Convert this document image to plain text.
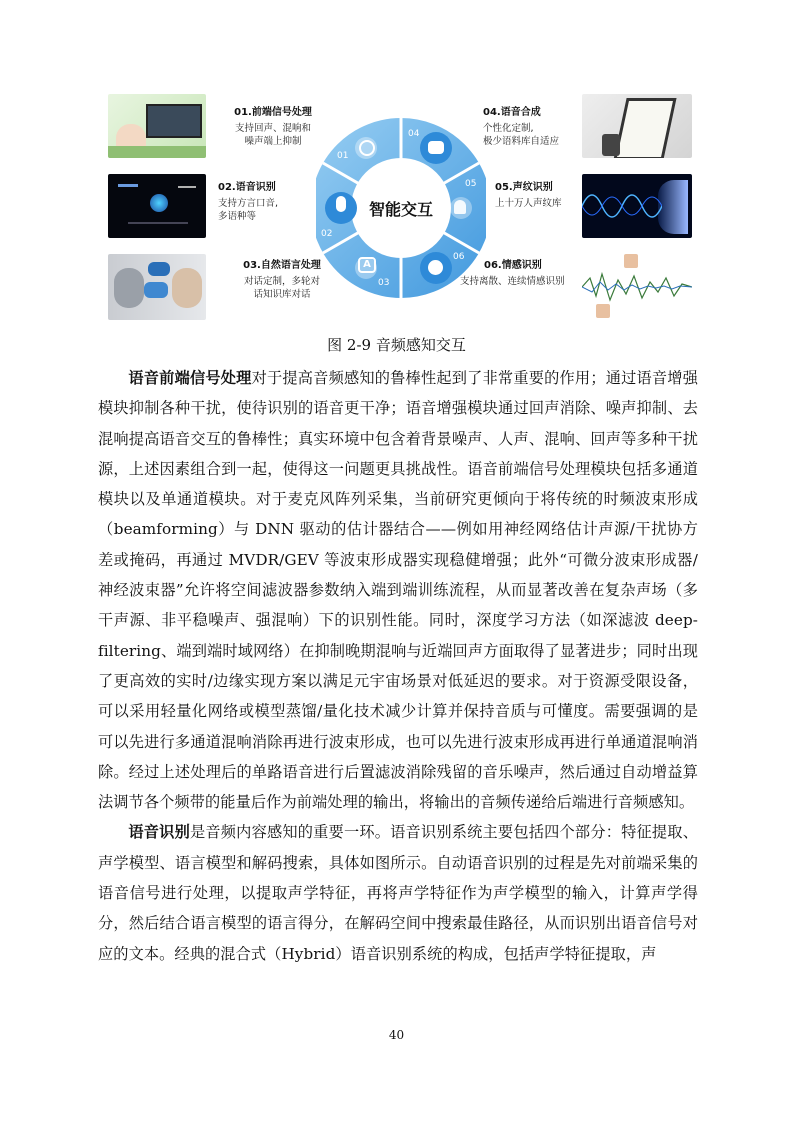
A
01
02
03
04
05
06
智能交互
01.前端信号处理
支持回声、混响和
噪声端上抑制
02.语音识别
支持方言口音,
多语种等
03.自然语言处理
对话定制，多轮对
话知识库对话
04.语音合成
个性化定制,
极少语料库自适应
05.声纹识别
上十万人声纹库
06.情感识别
支持离散、连续情感识别
图 2-9 音频感知交互

语音前端信号处理对于提高音频感知的鲁棒性起到了非常重要的作用；通过语音增强模块抑制各种干扰，使待识别的语音更干净；语音增强模块通过回声消除、噪声抑制、去混响提高语音交互的鲁棒性；真实环境中包含着背景噪声、人声、混响、回声等多种干扰源，上述因素组合到一起，使得这一问题更具挑战性。语音前端信号处理模块包括多通道模块以及单通道模块。对于麦克风阵列采集，当前研究更倾向于将传统的时频波束形成（beamforming）与 DNN 驱动的估计器结合——例如用神经网络估计声源/干扰协方差或掩码，再通过 MVDR/GEV 等波束形成器实现稳健增强；此外“可微分波束形成器/神经波束器”允许将空间滤波器参数纳入端到端训练流程，从而显著改善在复杂声场（多干声源、非平稳噪声、强混响）下的识别性能。同时，深度学习方法（如深滤波 deep-filtering、端到端时域网络）在抑制晚期混响与近端回声方面取得了显著进步；同时出现了更高效的实时/边缘实现方案以满足元宇宙场景对低延迟的要求。对于资源受限设备，可以采用轻量化网络或模型蒸馏/量化技术减少计算并保持音质与可懂度。需要强调的是可以先进行多通道混响消除再进行波束形成，也可以先进行波束形成再进行单通道混响消除。经过上述处理后的单路语音进行后置滤波消除残留的音乐噪声，然后通过自动增益算法调节各个频带的能量后作为前端处理的输出，将输出的音频传递给后端进行音频感知。

语音识别是音频内容感知的重要一环。语音识别系统主要包括四个部分：特征提取、声学模型、语言模型和解码搜索，具体如图所示。自动语音识别的过程是先对前端采集的语音信号进行处理，以提取声学特征，再将声学特征作为声学模型的输入，计算声学得分，然后结合语言模型的语言得分，在解码空间中搜索最佳路径，从而识别出语音信号对应的文本。经典的混合式（Hybrid）语音识别系统的构成，包括声学特征提取，声

40
